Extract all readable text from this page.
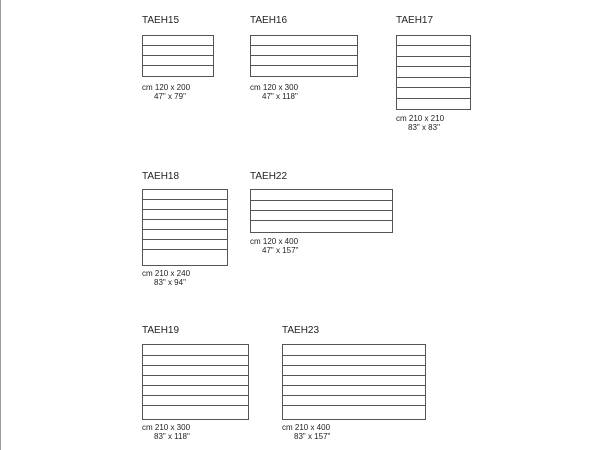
TAEH15
cm 120 x 200
47" x 79"
TAEH16
cm 120 x 300
47" x 118"
TAEH17
cm 210 x 210
83" x 83"
TAEH18
cm 210 x 240
83" x 94"
TAEH22
cm 120 x 400
47" x 157"
TAEH19
cm 210 x 300
83" x 118"
TAEH23
cm 210 x 400
83" x 157"
